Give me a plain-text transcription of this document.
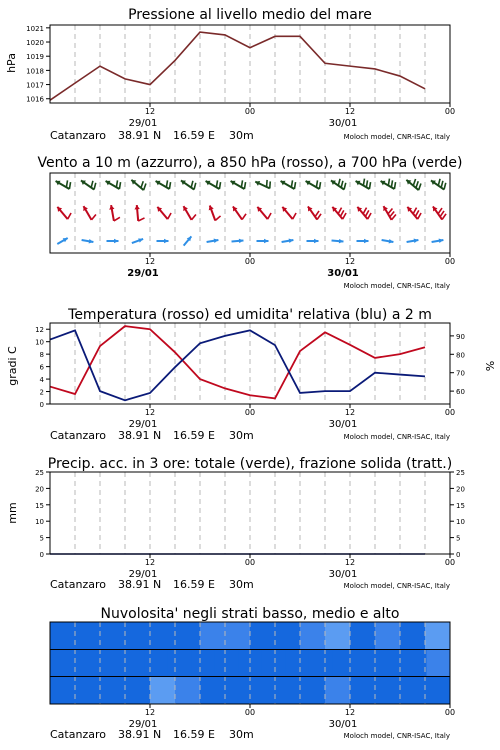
Pressione al livello medio del mare
hPa
1016
1017
1018
1019
1020
1021
12	00	12	00
29/01	30/01
Catanzaro 38.91 N 16.59 E 30m	Moloch model, CNR-ISAC, Italy
Vento a 10 m (azzurro), a 850 hPa (rosso), a 700 hPa (verde)
12	00	12	00
29/01	30/01
Moloch model, CNR-ISAC, Italy
Temperatura (rosso) ed umidita' relativa (blu) a 2 m
gradi C	%
0
2
4
6
8
10
12
60
70
80
90
12	00	12	00
29/01	30/01
Catanzaro 38.91 N 16.59 E 30m	Moloch model, CNR-ISAC, Italy
Precip. acc. in 3 ore: totale (verde), frazione solida (tratt.)
mm
0
5
10
15
20
25
0
5
10
15
20
25
12	00	12	00
29/01	30/01
Catanzaro 38.91 N 16.59 E 30m	Moloch model, CNR-ISAC, Italy
Nuvolosita' negli strati basso, medio e alto
12	00	12	00
29/01	30/01
Catanzaro 38.91 N 16.59 E 30m	Moloch model, CNR-ISAC, Italy
